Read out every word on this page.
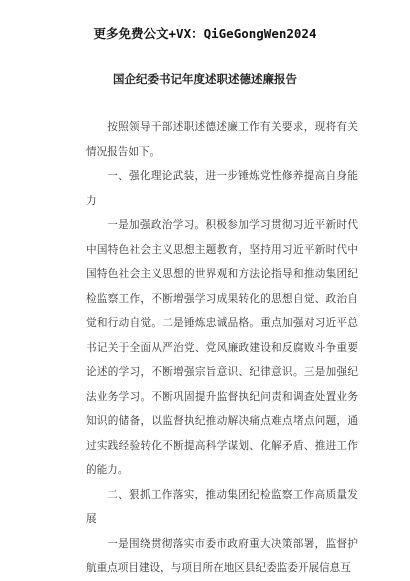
更多免费公文+VX：QiGeGongWen2024
国企纪委书记年度述职述德述廉报告

按照领导干部述职述德述廉工作有关要求，现将有关情况报告如下。

一、强化理论武装，进一步锤炼党性修养提高自身能力

一是加强政治学习。积极参加学习贯彻习近平新时代中国特色社会主义思想主题教育，坚持用习近平新时代中国特色社会主义思想的世界观和方法论指导和推动集团纪检监察工作，不断增强学习成果转化的思想自觉、政治自觉和行动自觉。二是锤炼忠诚品格。重点加强对习近平总书记关于全面从严治党、党风廉政建设和反腐败斗争重要论述的学习，不断增强宗旨意识、纪律意识。三是加强纪法业务学习。不断巩固提升监督执纪问责和调查处置业务知识的储备，以监督执纪推动解决痛点难点堵点问题，通过实践经验转化不断提高科学谋划、化解矛盾、推进工作的能力。

二、狠抓工作落实，推动集团纪检监察工作高质量发展

一是围绕贯彻落实市委市政府重大决策部署，监督护航重点项目建设，与项目所在地区县纪委监委开展信息互
